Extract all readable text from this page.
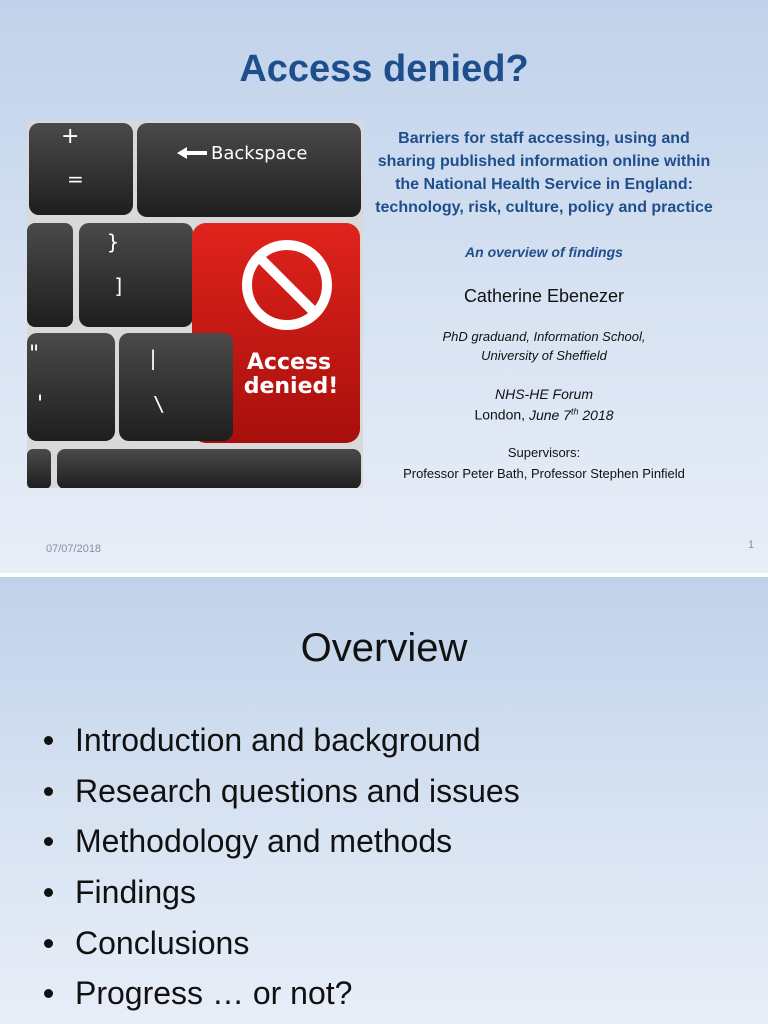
Access denied?
+
=
Backspace
}
]
Access
denied!
"
'
|
\
Barriers for staff accessing, using and
sharing published information online within
the National Health Service in England:
technology, risk, culture, policy and practice
An overview of findings
Catherine Ebenezer
PhD graduand, Information School,
University of Sheffield
NHS-HE Forum
London, June 7th 2018
Supervisors:
Professor Peter Bath, Professor Stephen Pinfield
07/07/2018	1
Overview
Introduction and background
Research questions and issues
Methodology and methods
Findings
Conclusions
Progress … or not?
